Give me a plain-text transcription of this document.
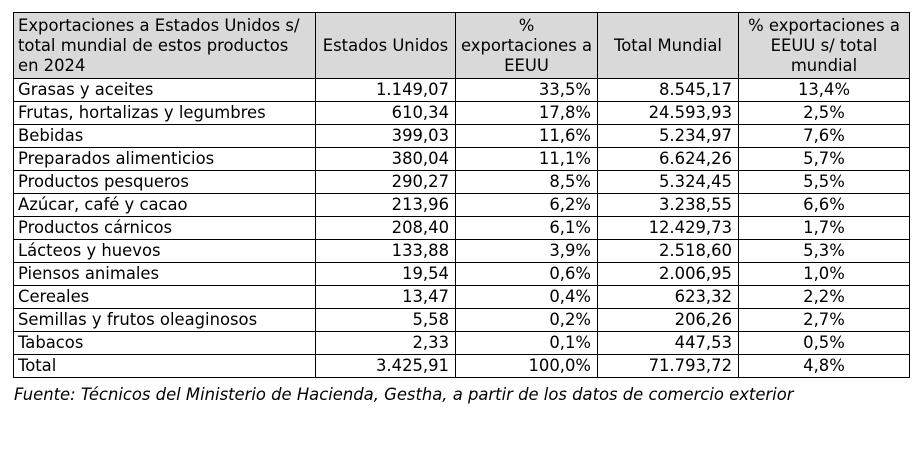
Exportaciones a Estados Unidos s/ total mundial de estos productos en 2024	Estados Unidos	% exportaciones a EEUU	Total Mundial	% exportaciones a EEUU s/ total mundial
Grasas y aceites	1.149,07	33,5%	8.545,17	13,4%
Frutas, hortalizas y legumbres	610,34	17,8%	24.593,93	2,5%
Bebidas	399,03	11,6%	5.234,97	7,6%
Preparados alimenticios	380,04	11,1%	6.624,26	5,7%
Productos pesqueros	290,27	8,5%	5.324,45	5,5%
Azúcar, café y cacao	213,96	6,2%	3.238,55	6,6%
Productos cárnicos	208,40	6,1%	12.429,73	1,7%
Lácteos y huevos	133,88	3,9%	2.518,60	5,3%
Piensos animales	19,54	0,6%	2.006,95	1,0%
Cereales	13,47	0,4%	623,32	2,2%
Semillas y frutos oleaginosos	5,58	0,2%	206,26	2,7%
Tabacos	2,33	0,1%	447,53	0,5%
Total	3.425,91	100,0%	71.793,72	4,8%
Fuente: Técnicos del Ministerio de Hacienda, Gestha, a partir de los datos de comercio exterior
